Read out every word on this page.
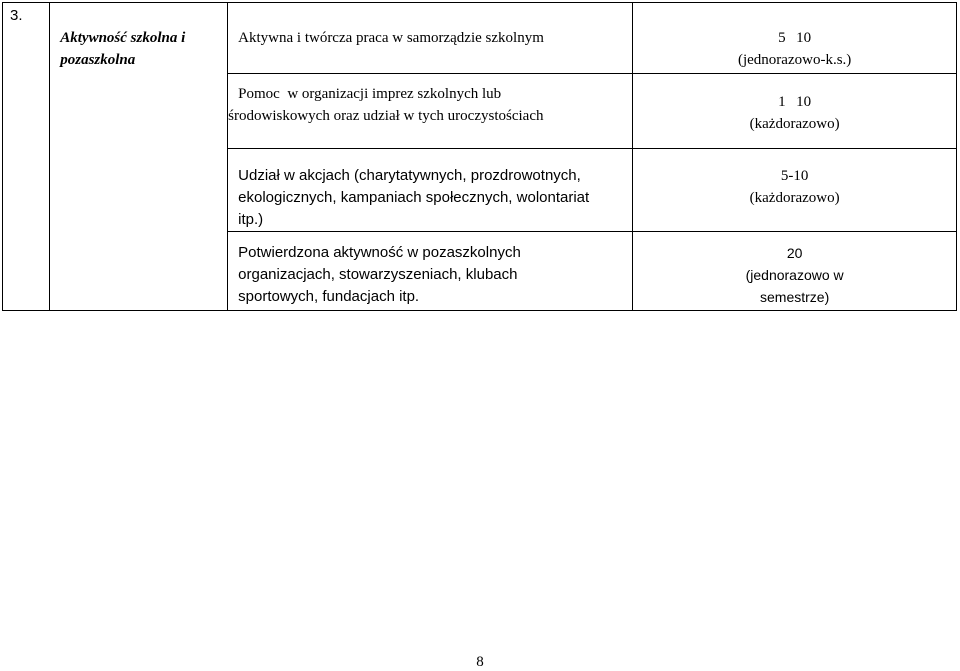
3.	Aktywność szkolna i
pozaszkolna	Aktywna i twórcza praca w samorządzie szkolnym	5   10
(jednorazowo-k.s.)

		Pomoc  w organizacji imprez szkolnych lub
środowiskowych oraz udział w tych uroczystościach	1   10
(każdorazowo)

		Udział w akcjach (charytatywnych, prozdrowotnych,
ekologicznych, kampaniach społecznych, wolontariat
itp.)	5-10
(każdorazowo)

		Potwierdzona aktywność w pozaszkolnych
organizacjach, stowarzyszeniach, klubach
sportowych, fundacjach itp.	20
(jednorazowo w
semestrze)
8
